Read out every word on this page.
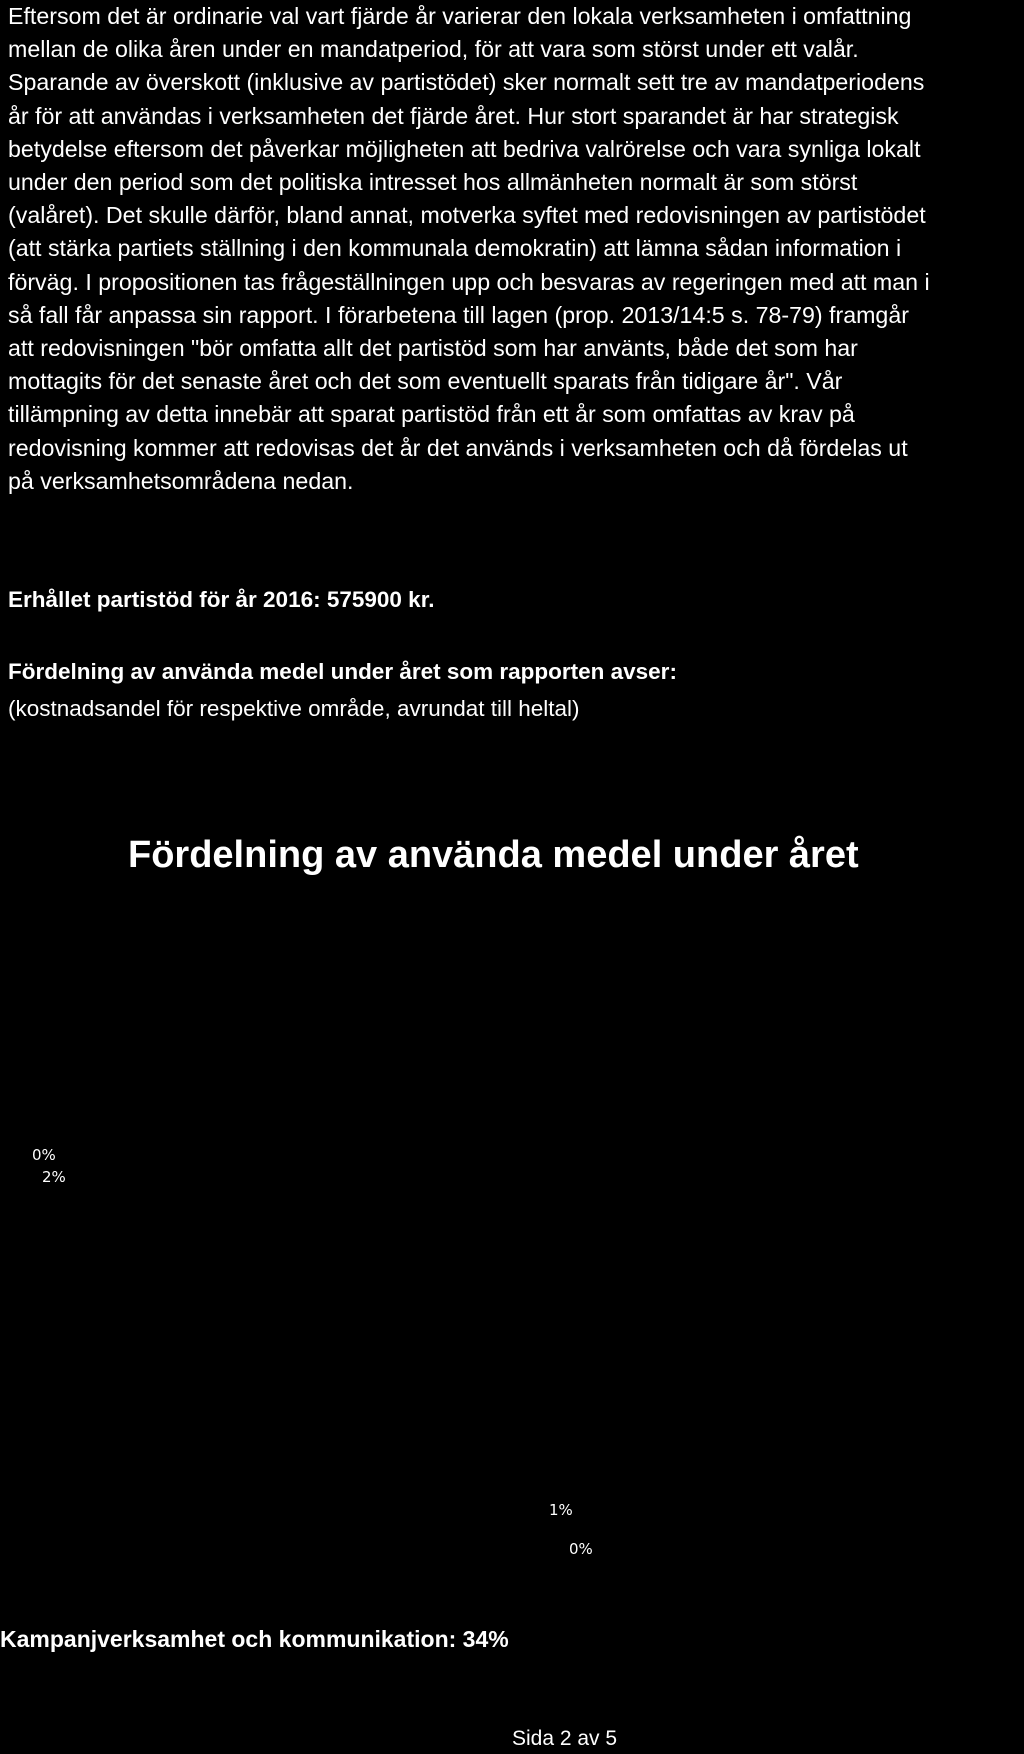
Eftersom det är ordinarie val vart fjärde år varierar den lokala verksamheten i omfattning
mellan de olika åren under en mandatperiod, för att vara som störst under ett valår.
Sparande av överskott (inklusive av partistödet) sker normalt sett tre av mandatperiodens
år för att användas i verksamheten det fjärde året. Hur stort sparandet är har strategisk
betydelse eftersom det påverkar möjligheten att bedriva valrörelse och vara synliga lokalt
under den period som det politiska intresset hos allmänheten normalt är som störst
(valåret). Det skulle därför, bland annat, motverka syftet med redovisningen av partistödet
(att stärka partiets ställning i den kommunala demokratin) att lämna sådan information i
förväg. I propositionen tas frågeställningen upp och besvaras av regeringen med att man i
så fall får anpassa sin rapport. I förarbetena till lagen (prop. 2013/14:5 s. 78-79) framgår
att redovisningen "bör omfatta allt det partistöd som har använts, både det som har
mottagits för det senaste året och det som eventuellt sparats från tidigare år". Vår
tillämpning av detta innebär att sparat partistöd från ett år som omfattas av krav på
redovisning kommer att redovisas det år det används i verksamheten och då fördelas ut
på verksamhetsområdena nedan.

Erhållet partistöd för år 2016: 575900 kr.

Fördelning av använda medel under året som rapporten avser:

(kostnadsandel för respektive område, avrundat till heltal)

Fördelning av använda medel under året

0%
2%
1%
0%

Kampanjverksamhet och kommunikation: 34%

Sida 2 av 5
